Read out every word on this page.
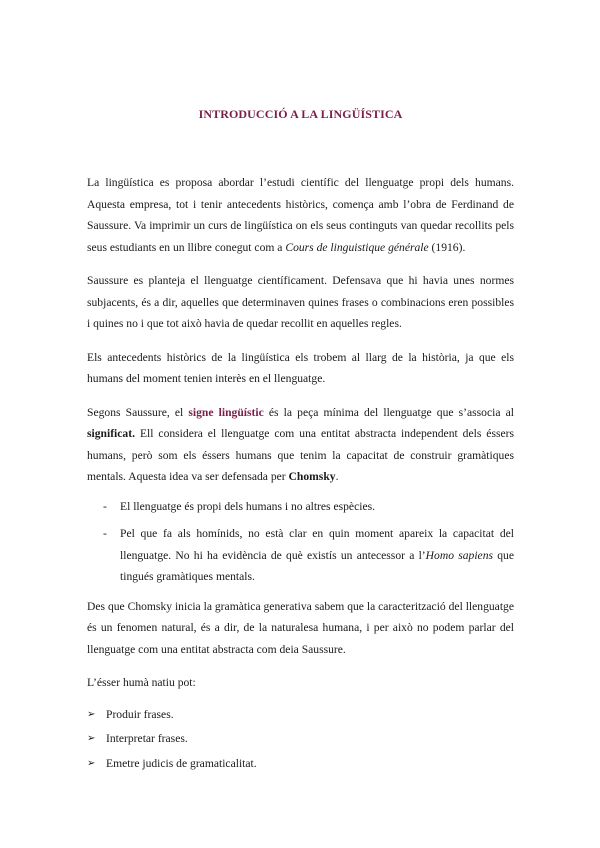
INTRODUCCIÓ A LA LINGÜÍSTICA

La lingüística es proposa abordar l’estudi científic del llenguatge propi dels humans. Aquesta empresa, tot i tenir antecedents històrics, comença amb l’obra de Ferdinand de Saussure. Va imprimir un curs de lingüística on els seus continguts van quedar recollits pels seus estudiants en un llibre conegut com a Cours de linguistique générale (1916).

Saussure es planteja el llenguatge científicament. Defensava que hi havia unes normes subjacents, és a dir, aquelles que determinaven quines frases o combinacions eren possibles i quines no i que tot això havia de quedar recollit en aquelles regles.

Els antecedents històrics de la lingüística els trobem al llarg de la història, ja que els humans del moment tenien interès en el llenguatge.

Segons Saussure, el signe lingüístic és la peça mínima del llenguatge que s’associa al significat. Ell considera el llenguatge com una entitat abstracta independent dels éssers humans, però som els éssers humans que tenim la capacitat de construir gramàtiques mentals. Aquesta idea va ser defensada per Chomsky.

- El llenguatge és propi dels humans i no altres espècies.
- Pel que fa als homínids, no està clar en quin moment apareix la capacitat del llenguatge. No hi ha evidència de què existís un antecessor a l’Homo sapiens que tingués gramàtiques mentals.

Des que Chomsky inicia la gramàtica generativa sabem que la caracterització del llenguatge és un fenomen natural, és a dir, de la naturalesa humana, i per això no podem parlar del llenguatge com una entitat abstracta com deia Saussure.

L’ésser humà natiu pot:

➢ Produir frases.
➢ Interpretar frases.
➢ Emetre judicis de gramaticalitat.
